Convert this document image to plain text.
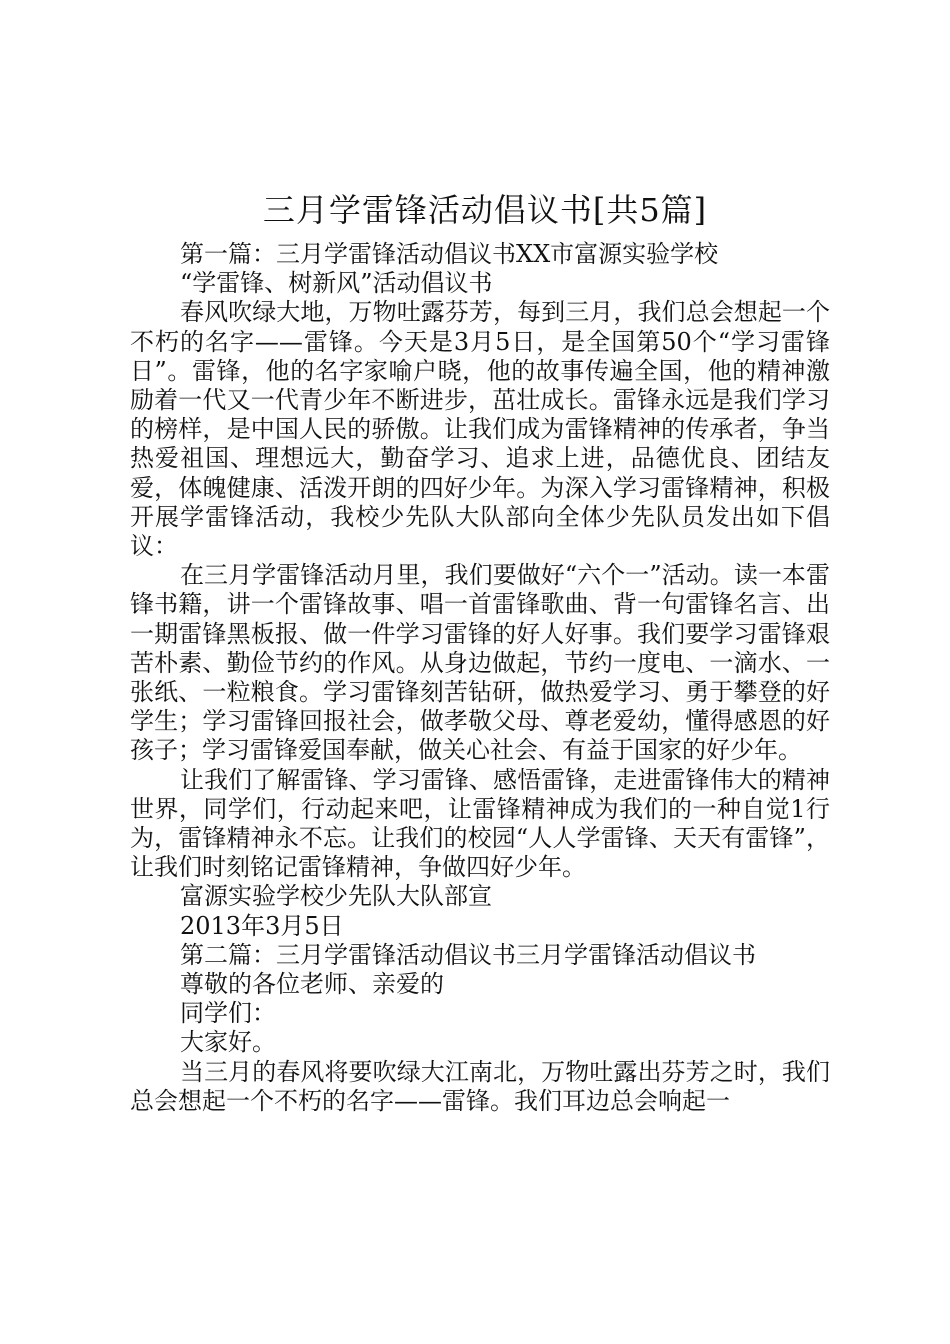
三月学雷锋活动倡议书[共5篇]

第一篇：三月学雷锋活动倡议书XX市富源实验学校

“学雷锋、树新风”活动倡议书

春风吹绿大地，万物吐露芬芳，每到三月，我们总会想起一个不朽的名字——雷锋。今天是3月5日，是全国第50个“学习雷锋日”。雷锋，他的名字家喻户晓，他的故事传遍全国，他的精神激励着一代又一代青少年不断进步，茁壮成长。雷锋永远是我们学习的榜样，是中国人民的骄傲。让我们成为雷锋精神的传承者，争当热爱祖国、理想远大，勤奋学习、追求上进，品德优良、团结友爱，体魄健康、活泼开朗的四好少年。为深入学习雷锋精神，积极开展学雷锋活动，我校少先队大队部向全体少先队员发出如下倡议：

在三月学雷锋活动月里，我们要做好“六个一”活动。读一本雷锋书籍，讲一个雷锋故事、唱一首雷锋歌曲、背一句雷锋名言、出一期雷锋黑板报、做一件学习雷锋的好人好事。我们要学习雷锋艰苦朴素、勤俭节约的作风。从身边做起，节约一度电、一滴水、一张纸、一粒粮食。学习雷锋刻苦钻研，做热爱学习、勇于攀登的好学生；学习雷锋回报社会，做孝敬父母、尊老爱幼，懂得感恩的好孩子；学习雷锋爱国奉献，做关心社会、有益于国家的好少年。

让我们了解雷锋、学习雷锋、感悟雷锋，走进雷锋伟大的精神世界，同学们，行动起来吧，让雷锋精神成为我们的一种自觉1行为，雷锋精神永不忘。让我们的校园“人人学雷锋、天天有雷锋”，让我们时刻铭记雷锋精神，争做四好少年。

富源实验学校少先队大队部宣

2013年3月5日

第二篇：三月学雷锋活动倡议书三月学雷锋活动倡议书

尊敬的各位老师、亲爱的

同学们：

大家好。

当三月的春风将要吹绿大江南北，万物吐露出芬芳之时，我们总会想起一个不朽的名字——雷锋。我们耳边总会响起一
